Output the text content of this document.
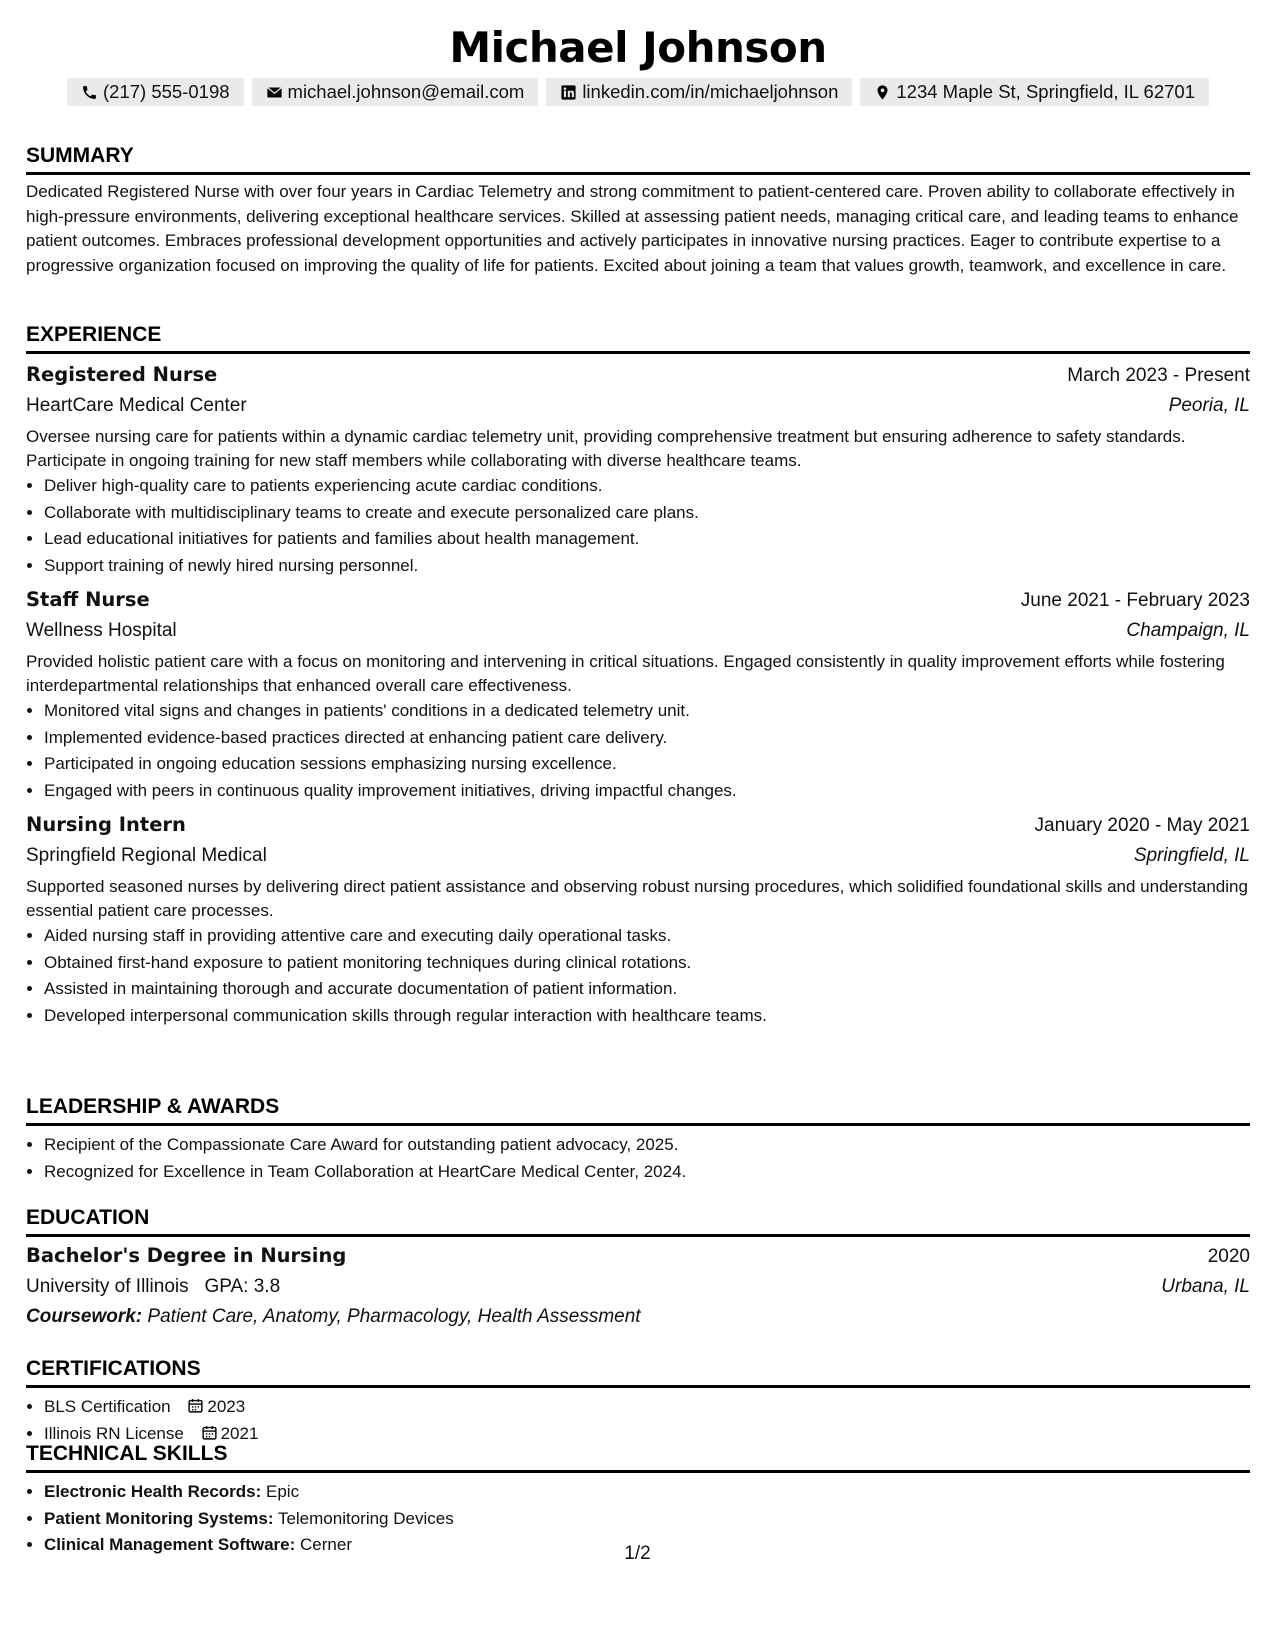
Michael Johnson
(217) 555-0198	michael.johnson@email.com	linkedin.com/in/michaeljohnson	1234 Maple St, Springfield, IL 62701
SUMMARY
Dedicated Registered Nurse with over four years in Cardiac Telemetry and strong commitment to patient-centered care. Proven ability to collaborate effectively in high-pressure environments, delivering exceptional healthcare services. Skilled at assessing patient needs, managing critical care, and leading teams to enhance patient outcomes. Embraces professional development opportunities and actively participates in innovative nursing practices. Eager to contribute expertise to a progressive organization focused on improving the quality of life for patients. Excited about joining a team that values growth, teamwork, and excellence in care.
EXPERIENCE
Registered Nurse	March 2023 - Present
HeartCare Medical Center	Peoria, IL
Oversee nursing care for patients within a dynamic cardiac telemetry unit, providing comprehensive treatment but ensuring adherence to safety standards. Participate in ongoing training for new staff members while collaborating with diverse healthcare teams.
• Deliver high-quality care to patients experiencing acute cardiac conditions.
• Collaborate with multidisciplinary teams to create and execute personalized care plans.
• Lead educational initiatives for patients and families about health management.
• Support training of newly hired nursing personnel.
Staff Nurse	June 2021 - February 2023
Wellness Hospital	Champaign, IL
Provided holistic patient care with a focus on monitoring and intervening in critical situations. Engaged consistently in quality improvement efforts while fostering interdepartmental relationships that enhanced overall care effectiveness.
• Monitored vital signs and changes in patients' conditions in a dedicated telemetry unit.
• Implemented evidence-based practices directed at enhancing patient care delivery.
• Participated in ongoing education sessions emphasizing nursing excellence.
• Engaged with peers in continuous quality improvement initiatives, driving impactful changes.
Nursing Intern	January 2020 - May 2021
Springfield Regional Medical	Springfield, IL
Supported seasoned nurses by delivering direct patient assistance and observing robust nursing procedures, which solidified foundational skills and understanding essential patient care processes.
• Aided nursing staff in providing attentive care and executing daily operational tasks.
• Obtained first-hand exposure to patient monitoring techniques during clinical rotations.
• Assisted in maintaining thorough and accurate documentation of patient information.
• Developed interpersonal communication skills through regular interaction with healthcare teams.
LEADERSHIP & AWARDS
• Recipient of the Compassionate Care Award for outstanding patient advocacy, 2025.
• Recognized for Excellence in Team Collaboration at HeartCare Medical Center, 2024.
EDUCATION
Bachelor's Degree in Nursing	2020
University of Illinois GPA: 3.8	Urbana, IL
Coursework: Patient Care, Anatomy, Pharmacology, Health Assessment
CERTIFICATIONS
• BLS Certification 2023
• Illinois RN License 2021
TECHNICAL SKILLS
• Electronic Health Records: Epic
• Patient Monitoring Systems: Telemonitoring Devices
• Clinical Management Software: Cerner	1/2
